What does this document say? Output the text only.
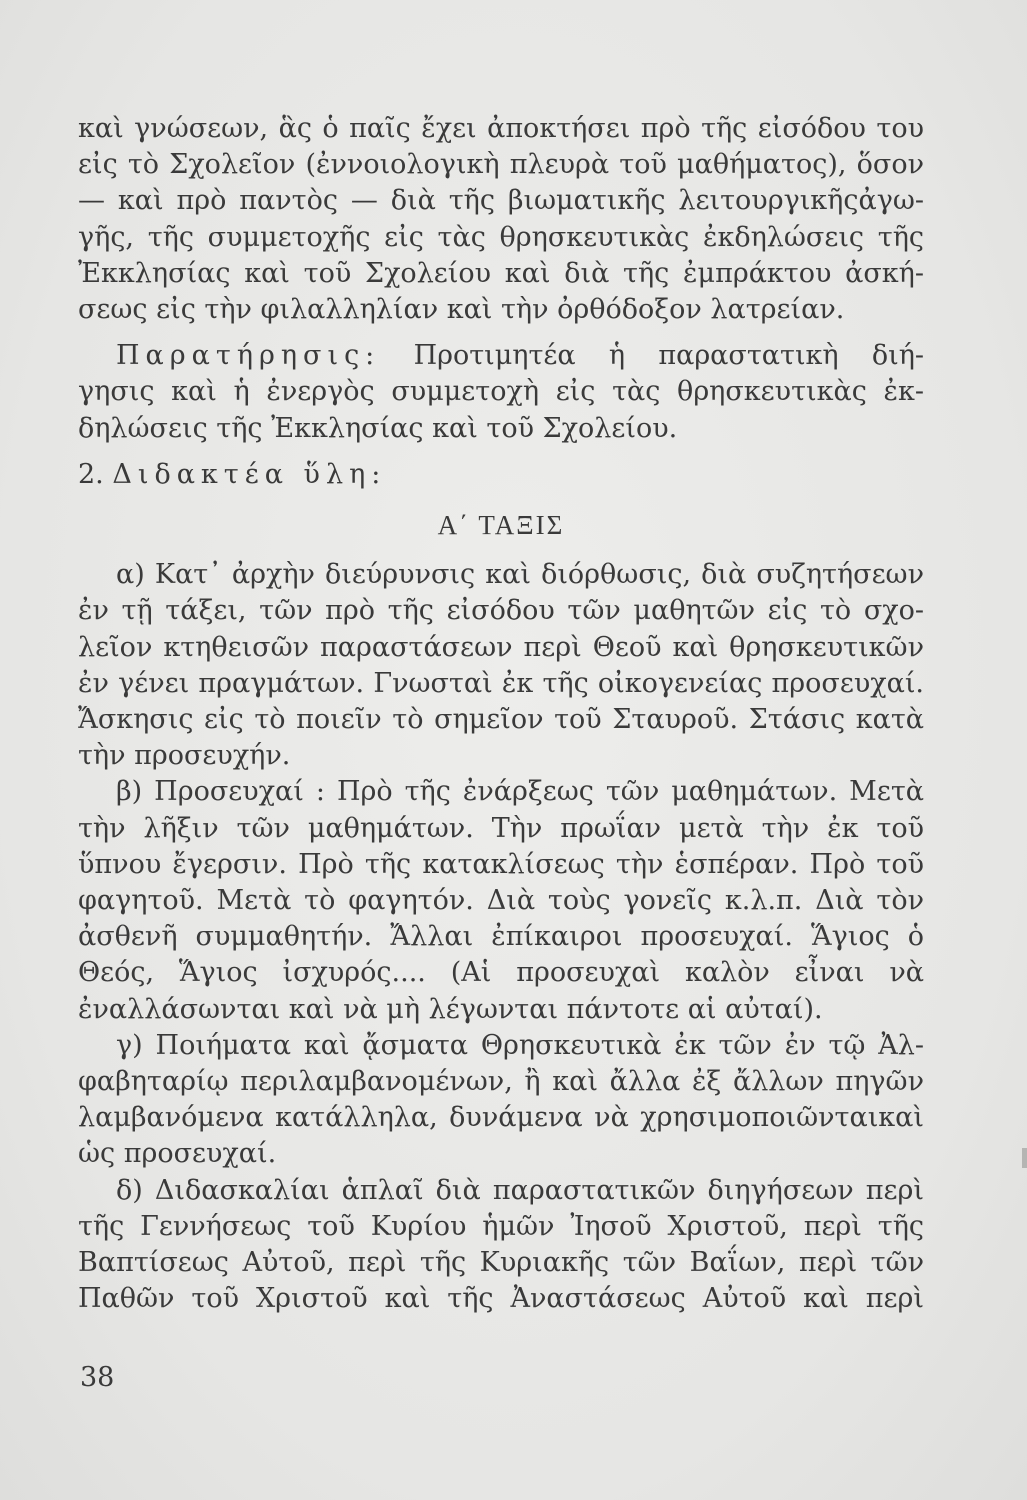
καὶ γνώσεων, ἃς ὁ παῖς ἔχει ἀποκτήσει πρὸ τῆς εἰσόδου του
εἰς τὸ Σχολεῖον (ἐννοιολογικὴ πλευρὰ τοῦ μαθήματος), ὅσον
— καὶ πρὸ παντὸς — διὰ τῆς βιωματικῆς λειτουργικῆςἀγω-
γῆς, τῆς συμμετοχῆς εἰς τὰς θρησκευτικὰς ἐκδηλώσεις τῆς
Ἐκκλησίας καὶ τοῦ Σχολείου καὶ διὰ τῆς ἐμπράκτου ἀσκή-
σεως εἰς τὴν φιλαλληλίαν καὶ τὴν ὀρθόδοξον λατρείαν.
Παρατήρησις: Προτιμητέα ἡ παραστατικὴ διή-
γησις καὶ ἡ ἐνεργὸς συμμετοχὴ εἰς τὰς θρησκευτικὰς ἐκ-
δηλώσεις τῆς Ἐκκλησίας καὶ τοῦ Σχολείου.
2. Διδακτέα ὕλη:
Α΄ ΤΑΞΙΣ
α) Κατ᾿ ἀρχὴν διεύρυνσις καὶ διόρθωσις, διὰ συζητήσεων
ἐν τῇ τάξει, τῶν πρὸ τῆς εἰσόδου τῶν μαθητῶν εἰς τὸ σχο-
λεῖον κτηθεισῶν παραστάσεων περὶ Θεοῦ καὶ θρησκευτικῶν
ἐν γένει πραγμάτων. Γνωσταὶ ἐκ τῆς οἰκογενείας προσευχαί.
Ἄσκησις εἰς τὸ ποιεῖν τὸ σημεῖον τοῦ Σταυροῦ. Στάσις κατὰ
τὴν προσευχήν.
β) Προσευχαί : Πρὸ τῆς ἐνάρξεως τῶν μαθημάτων. Μετὰ
τὴν λῆξιν τῶν μαθημάτων. Τὴν πρωΐαν μετὰ τὴν ἐκ τοῦ
ὕπνου ἔγερσιν. Πρὸ τῆς κατακλίσεως τὴν ἑσπέραν. Πρὸ τοῦ
φαγητοῦ. Μετὰ τὸ φαγητόν. Διὰ τοὺς γονεῖς κ.λ.π. Διὰ τὸν
ἀσθενῆ συμμαθητήν. Ἄλλαι ἐπίκαιροι προσευχαί. Ἅγιος ὁ
Θεός, Ἅγιος ἰσχυρός.... (Αἱ προσευχαὶ καλὸν εἶναι νὰ
ἐναλλάσωνται καὶ νὰ μὴ λέγωνται πάντοτε αἱ αὐταί).
γ) Ποιήματα καὶ ᾄσματα Θρησκευτικὰ ἐκ τῶν ἐν τῷ Ἀλ-
φαβηταρίῳ περιλαμβανομένων, ἢ καὶ ἄλλα ἐξ ἄλλων πηγῶν
λαμβανόμενα κατάλληλα, δυνάμενα νὰ χρησιμοποιῶνταικαὶ
ὡς προσευχαί.
δ) Διδασκαλίαι ἁπλαῖ διὰ παραστατικῶν διηγήσεων περὶ
τῆς Γεννήσεως τοῦ Κυρίου ἡμῶν Ἰησοῦ Χριστοῦ, περὶ τῆς
Βαπτίσεως Αὐτοῦ, περὶ τῆς Κυριακῆς τῶν Βαΐων, περὶ τῶν
Παθῶν τοῦ Χριστοῦ καὶ τῆς Ἀναστάσεως Αὐτοῦ καὶ περὶ
38
